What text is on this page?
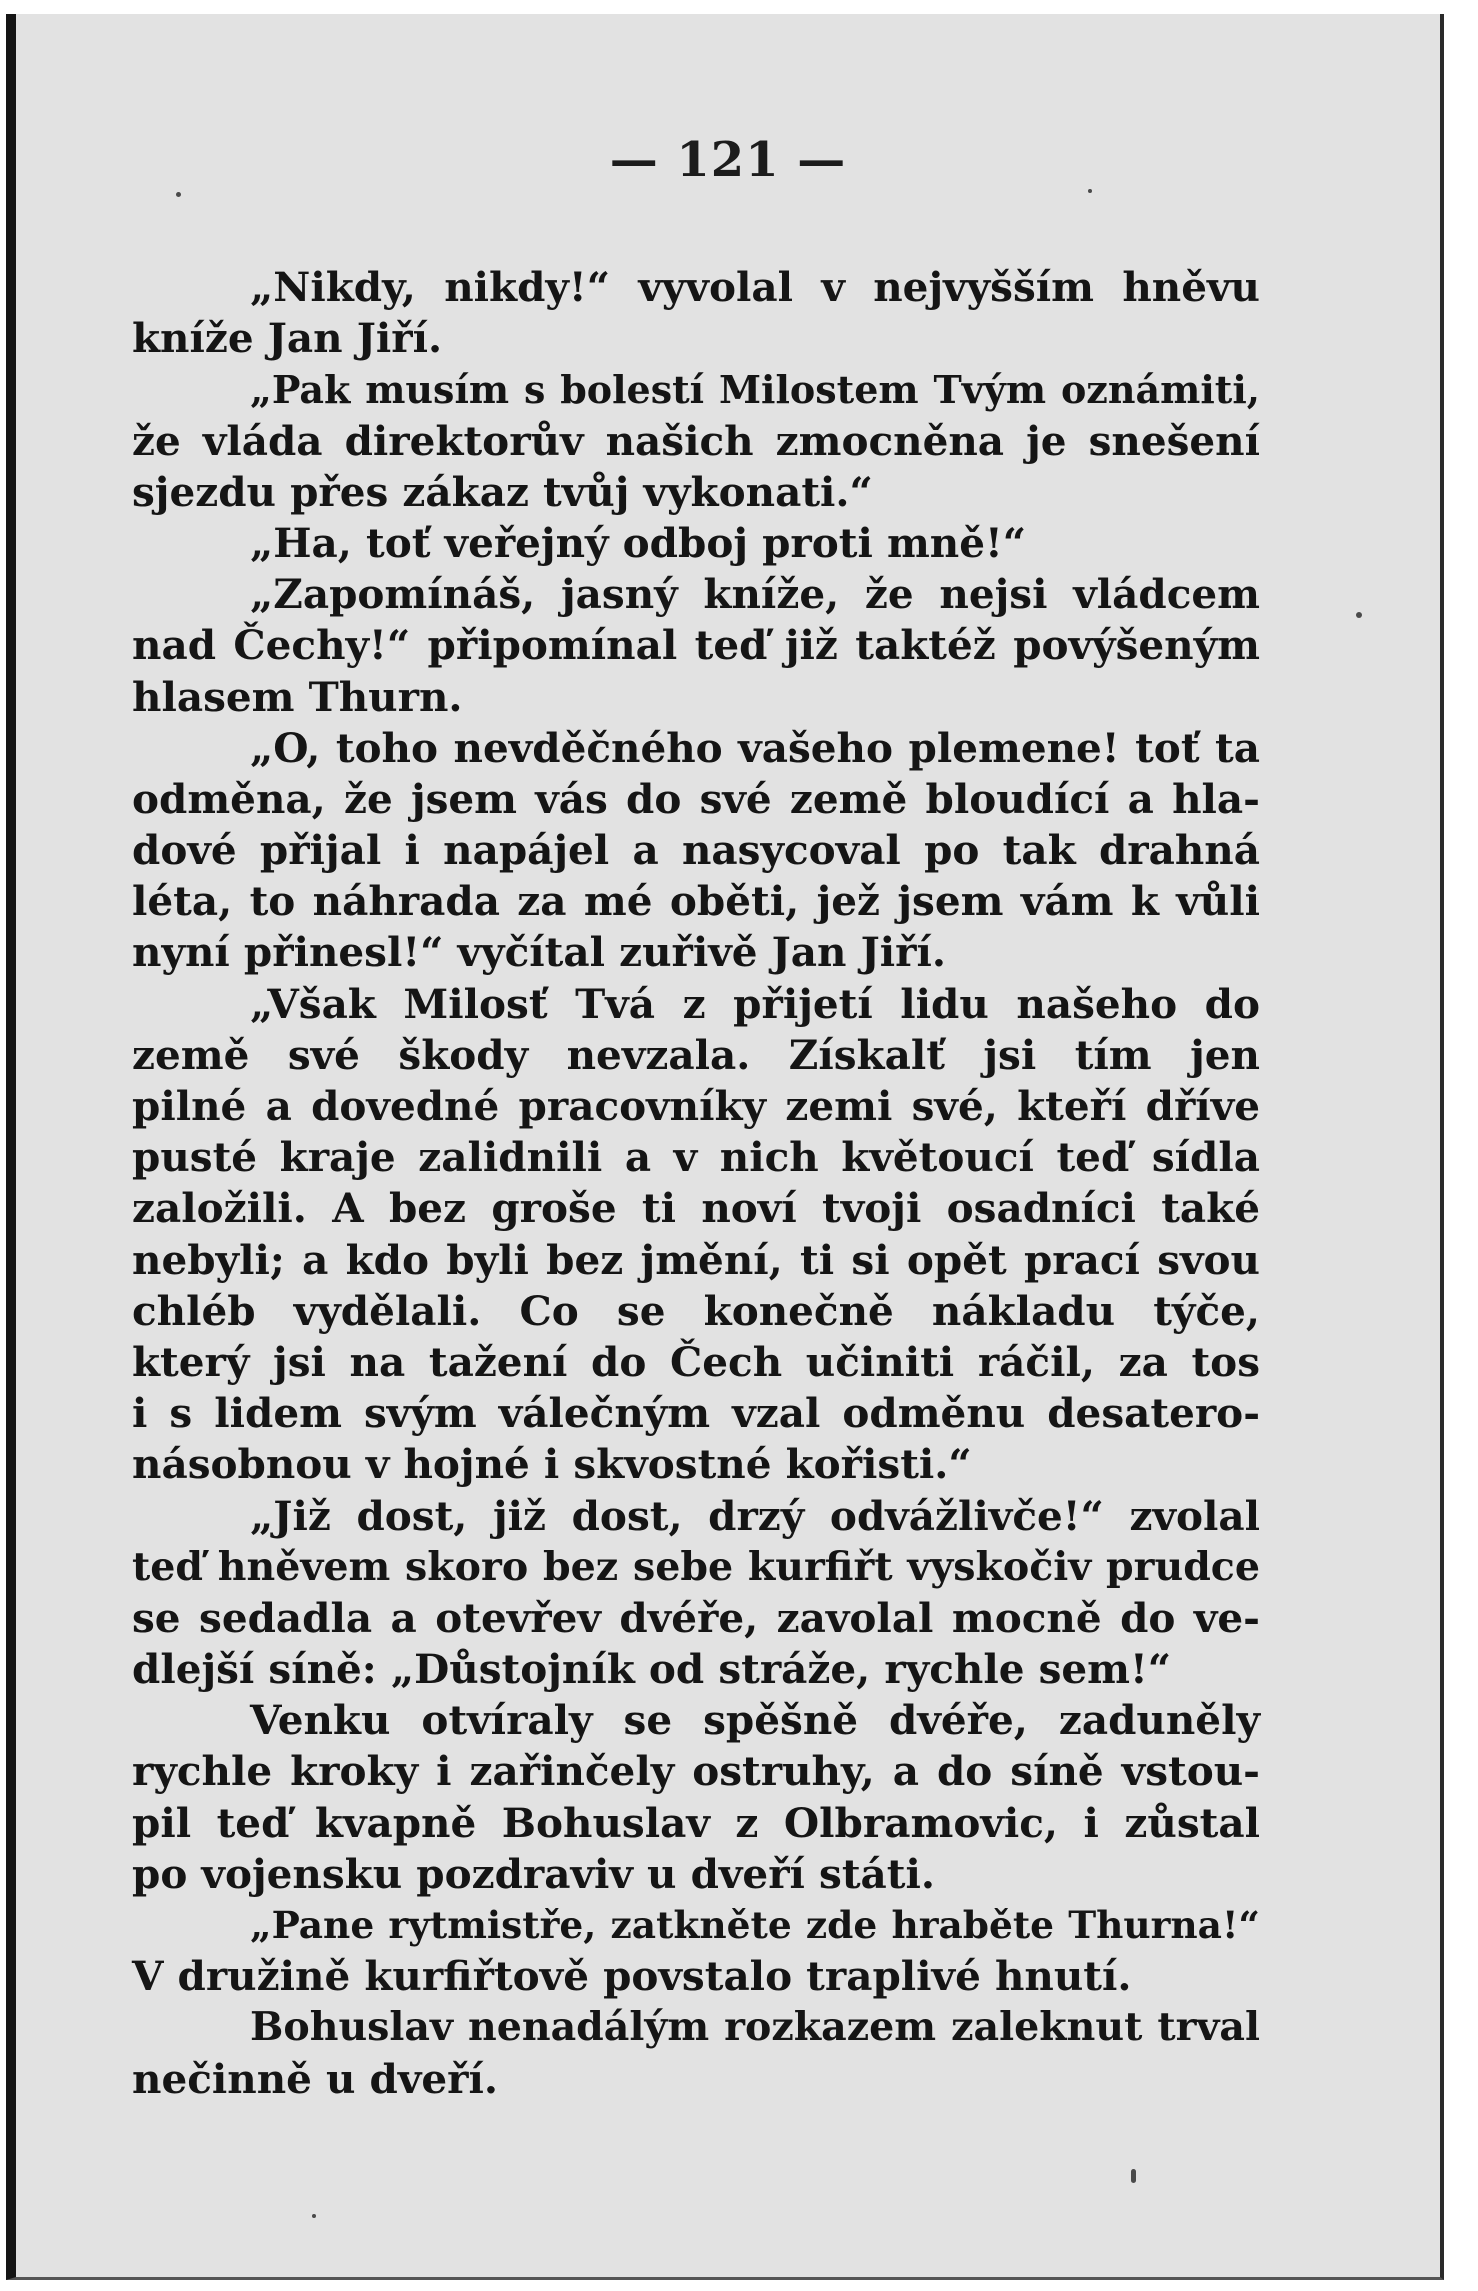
— 121 —
„Nikdy, nikdy!“ vyvolal v nejvyšším hněvu
kníže Jan Jiří.
„Pak musím s bolestí Milostem Tvým oznámiti,
že vláda direktorův našich zmocněna je snešení
sjezdu přes zákaz tvůj vykonati.“
„Ha, toť veřejný odboj proti mně!“
„Zapomínáš, jasný kníže, že nejsi vládcem
nad Čechy!“ připomínal teď již taktéž povýšeným
hlasem Thurn.
„O, toho nevděčného vašeho plemene! toť ta
odměna, že jsem vás do své země bloudící a hla-
dové přijal i napájel a nasycoval po tak drahná
léta, to náhrada za mé oběti, jež jsem vám k vůli
nyní přinesl!“ vyčítal zuřivě Jan Jiří.
„Však Milosť Tvá z přijetí lidu našeho do
země své škody nevzala. Získalť jsi tím jen
pilné a dovedné pracovníky zemi své, kteří dříve
pusté kraje zalidnili a v nich květoucí teď sídla
založili. A bez groše ti noví tvoji osadníci také
nebyli; a kdo byli bez jmění, ti si opět prací svou
chléb vydělali. Co se konečně nákladu týče,
který jsi na tažení do Čech učiniti ráčil, za tos
i s lidem svým válečným vzal odměnu desatero-
násobnou v hojné i skvostné kořisti.“
„Již dost, již dost, drzý odvážlivče!“ zvolal
teď hněvem skoro bez sebe kurfiřt vyskočiv prudce
se sedadla a otevřev dvéře, zavolal mocně do ve-
dlejší síně: „Důstojník od stráže, rychle sem!“
Venku otvíraly se spěšně dvéře, zaduněly
rychle kroky i zařinčely ostruhy, a do síně vstou-
pil teď kvapně Bohuslav z Olbramovic, i zůstal
po vojensku pozdraviv u dveří státi.
„Pane rytmistře, zatkněte zde hraběte Thurna!“
V družině kurfiřtově povstalo traplivé hnutí.
Bohuslav nenadálým rozkazem zaleknut trval
nečinně u dveří.
